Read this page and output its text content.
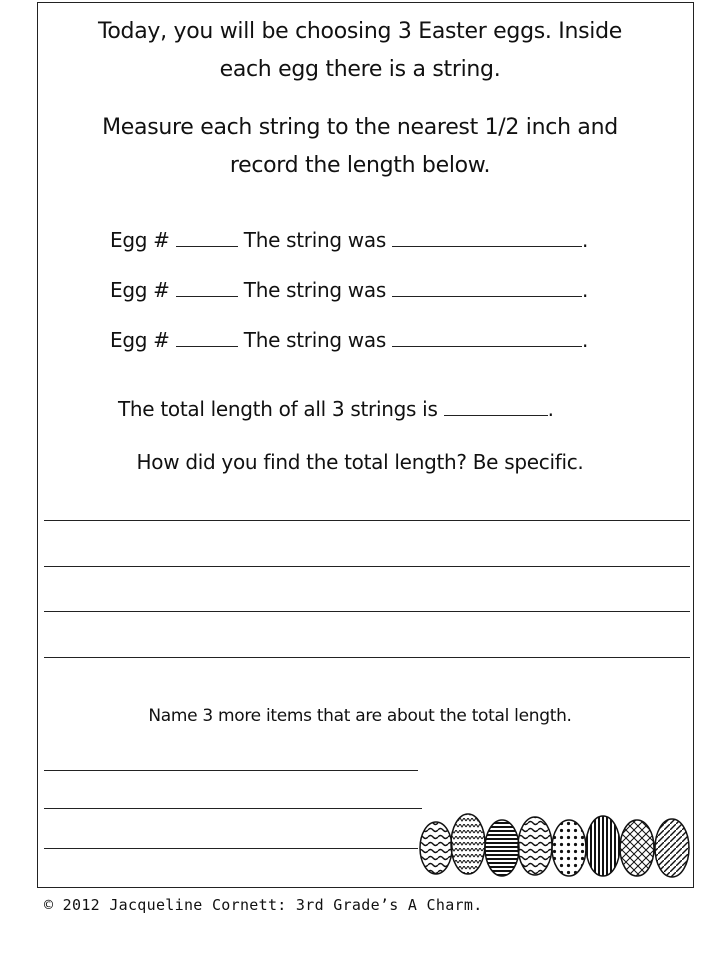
Today, you will be choosing 3 Easter eggs. Inside
each egg there is a string.
Measure each string to the nearest 1/2 inch and
record the length below.
Egg #	The string was	.
Egg #	The string was	.
Egg #	The string was	.
The total length of all 3 strings is	.
How did you find the total length? Be specific.
Name 3 more items that are about the total length.
© 2012 Jacqueline Cornett: 3rd Grade’s A Charm.
